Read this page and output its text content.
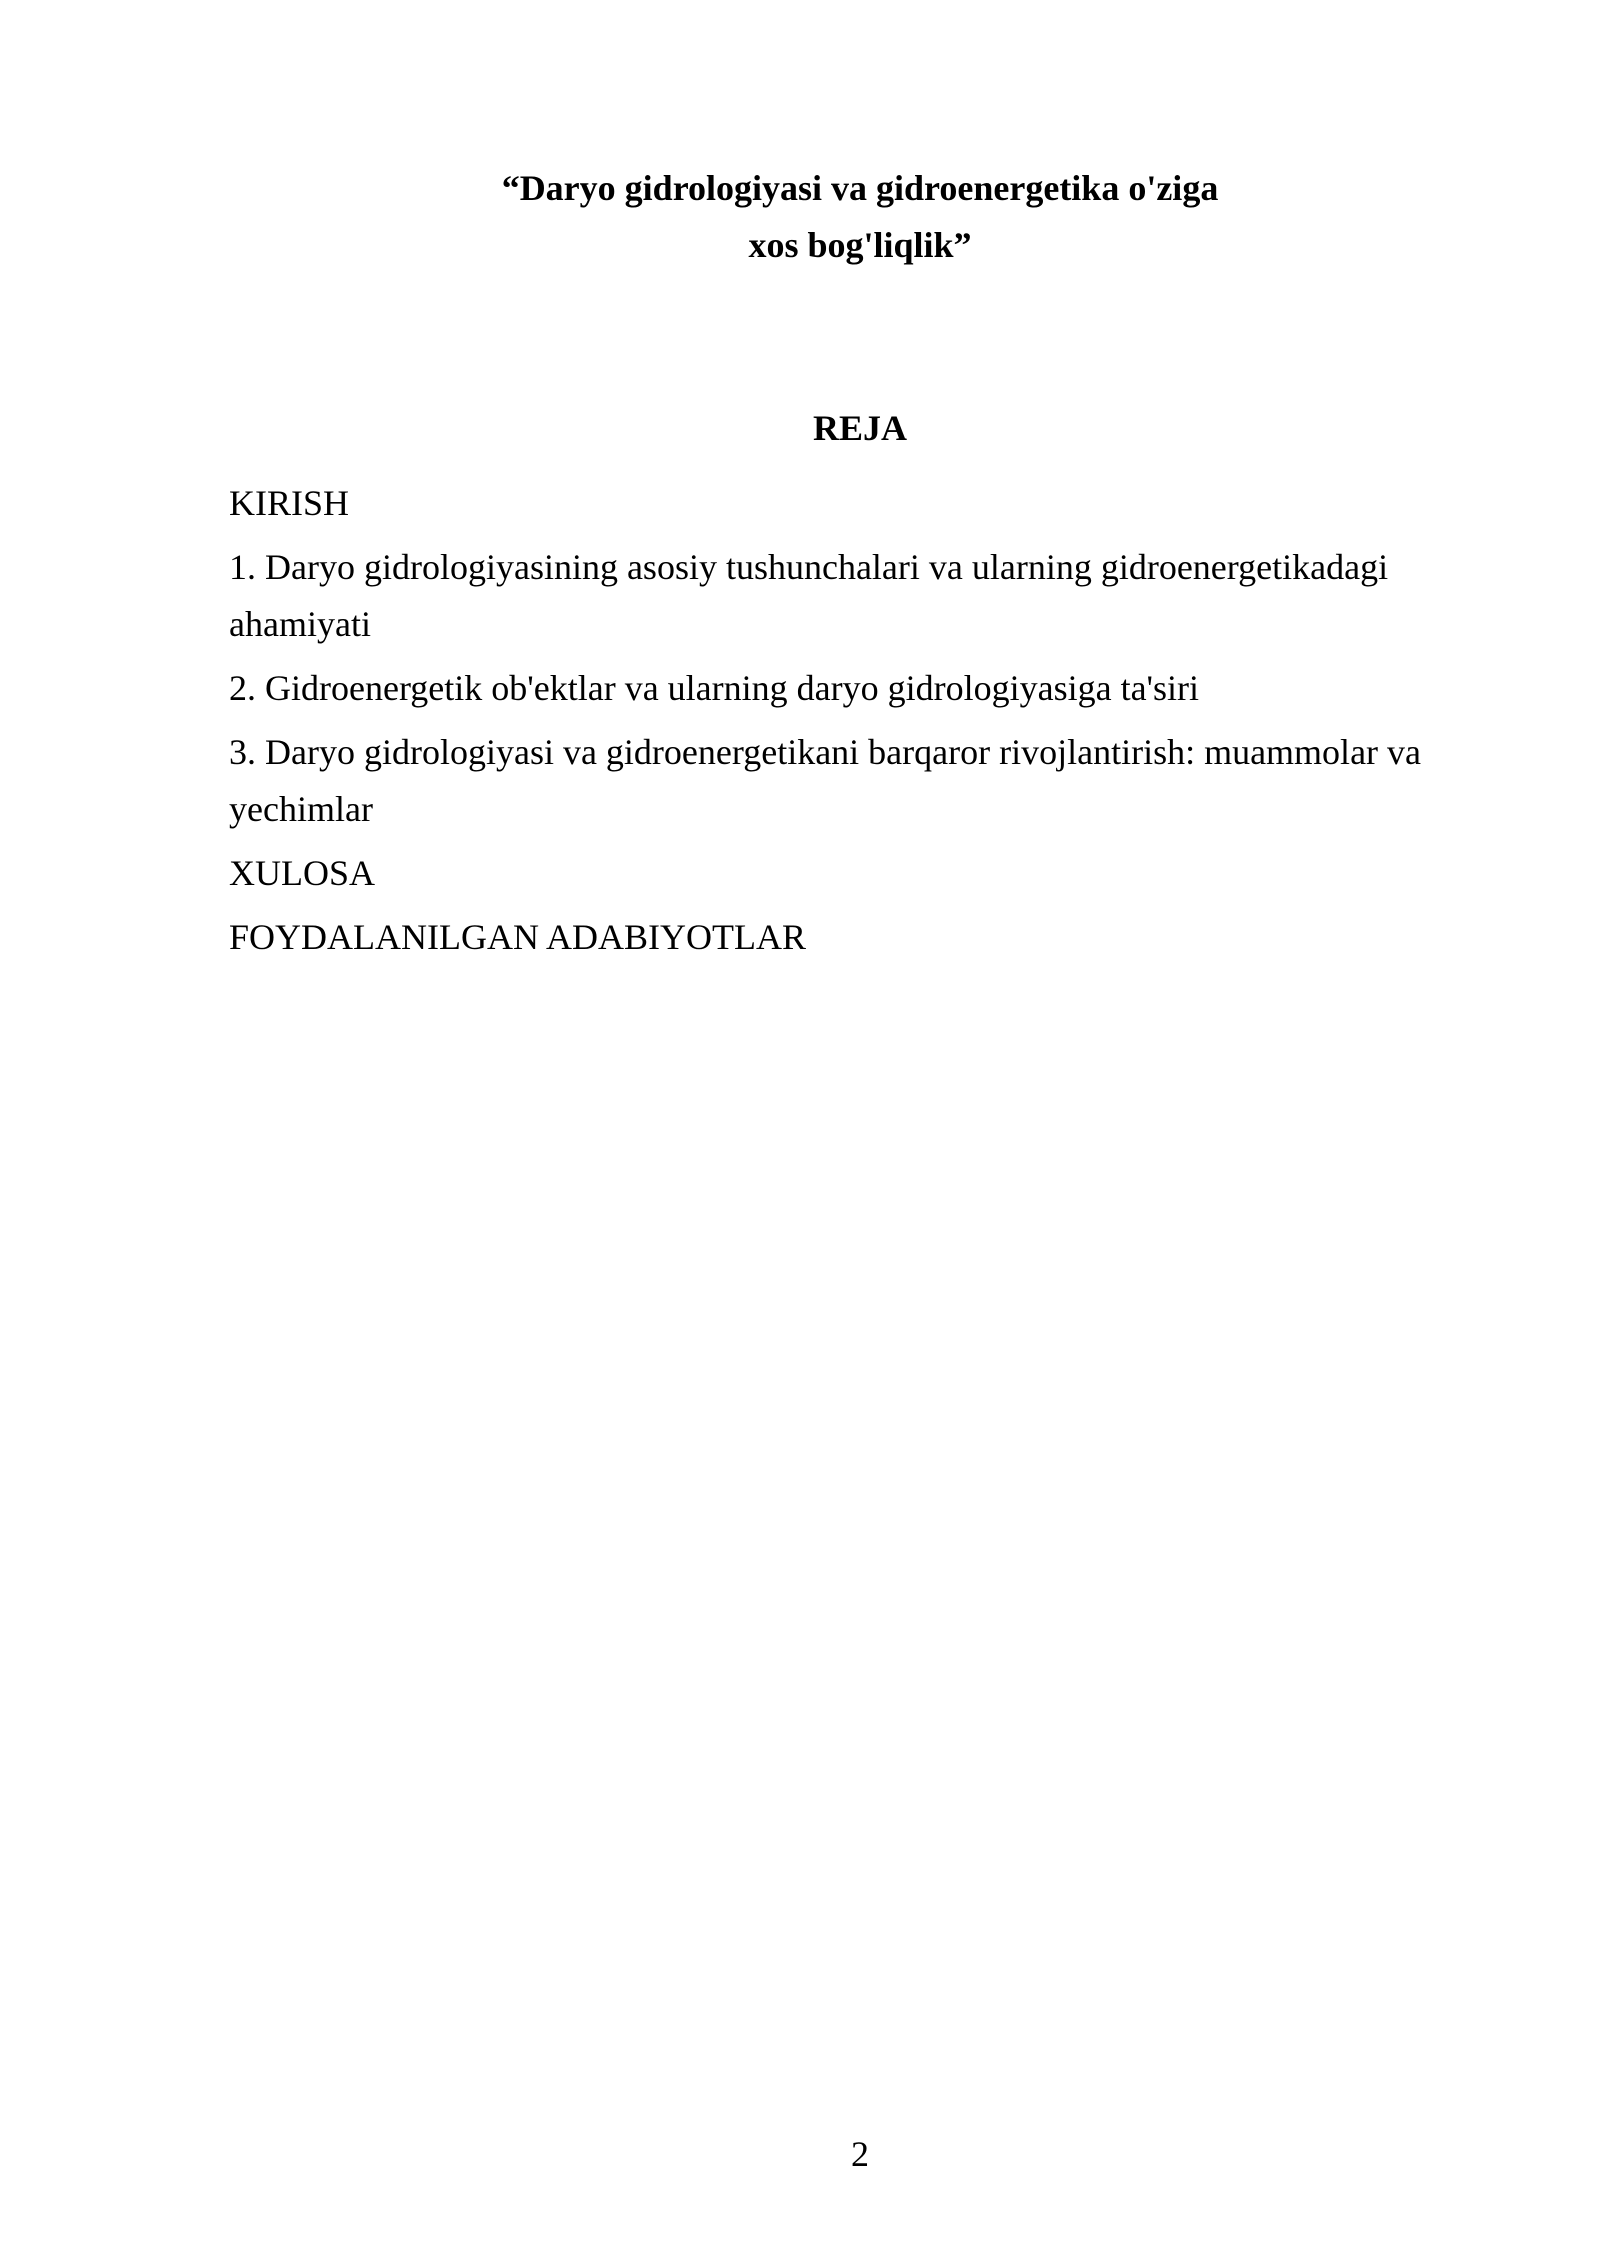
“Daryo gidrologiyasi va gidroenergetika o'ziga
xos bog'liqlik”
REJA
KIRISH
1. Daryo gidrologiyasining asosiy tushunchalari va ularning gidroenergetikadagi ahamiyati
2. Gidroenergetik ob'ektlar va ularning daryo gidrologiyasiga ta'siri
3. Daryo gidrologiyasi va gidroenergetikani barqaror rivojlantirish: muammolar va yechimlar
XULOSA
FOYDALANILGAN ADABIYOTLAR
2
